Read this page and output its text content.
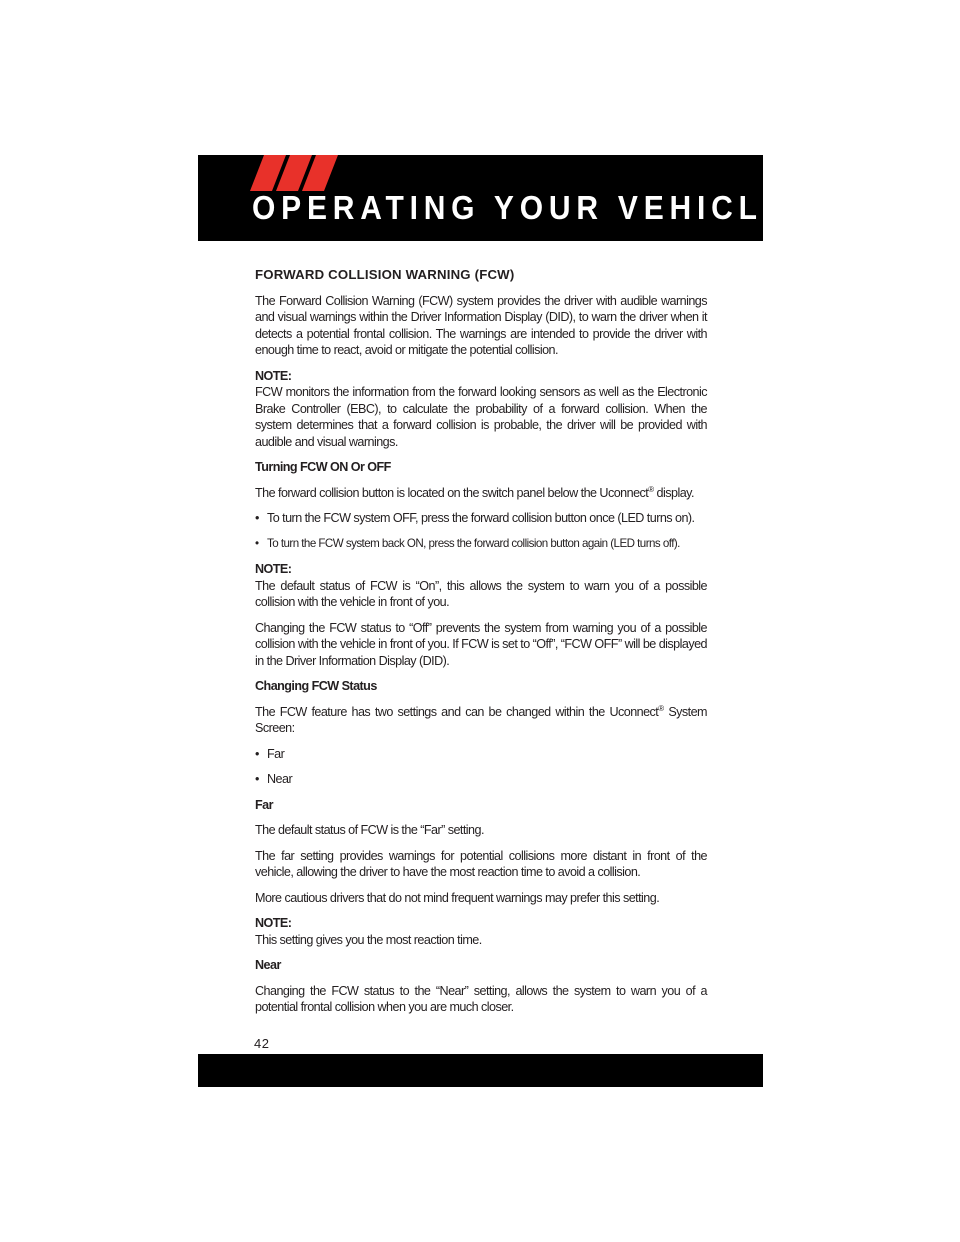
OPERATING YOUR VEHICLE

FORWARD COLLISION WARNING (FCW)

The Forward Collision Warning (FCW) system provides the driver with audible warnings and visual warnings within the Driver Information Display (DID), to warn the driver when it detects a potential frontal collision. The warnings are intended to provide the driver with enough time to react, avoid or mitigate the potential collision.

NOTE:
FCW monitors the information from the forward looking sensors as well as the Electronic Brake Controller (EBC), to calculate the probability of a forward collision. When the system determines that a forward collision is probable, the driver will be provided with audible and visual warnings.

Turning FCW ON Or OFF

The forward collision button is located on the switch panel below the Uconnect® display.

• To turn the FCW system OFF, press the forward collision button once (LED turns on).

• To turn the FCW system back ON, press the forward collision button again (LED turns off).

NOTE:
The default status of FCW is “On”, this allows the system to warn you of a possible collision with the vehicle in front of you.

Changing the FCW status to “Off” prevents the system from warning you of a possible collision with the vehicle in front of you. If FCW is set to “Off”, “FCW OFF” will be displayed in the Driver Information Display (DID).

Changing FCW Status

The FCW feature has two settings and can be changed within the Uconnect® System Screen:

• Far

• Near

Far

The default status of FCW is the “Far” setting.

The far setting provides warnings for potential collisions more distant in front of the vehicle, allowing the driver to have the most reaction time to avoid a collision.

More cautious drivers that do not mind frequent warnings may prefer this setting.

NOTE:
This setting gives you the most reaction time.

Near

Changing the FCW status to the “Near” setting, allows the system to warn you of a potential frontal collision when you are much closer.

42
